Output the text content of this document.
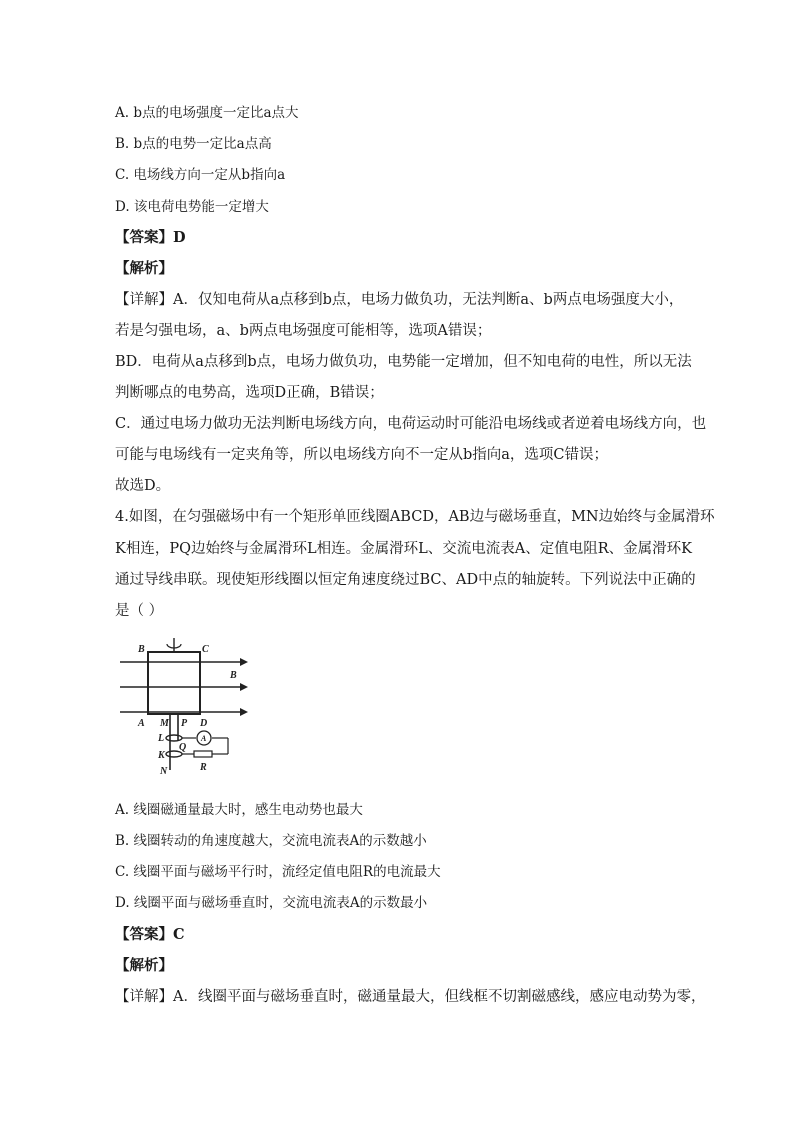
A. b点的电场强度一定比a点大
B. b点的电势一定比a点高
C. 电场线方向一定从b指向a
D. 该电荷电势能一定增大
【答案】D
【解析】
【详解】A．仅知电荷从a点移到b点，电场力做负功，无法判断a、b两点电场强度大小，
若是匀强电场，a、b两点电场强度可能相等，选项A错误；
BD．电荷从a点移到b点，电场力做负功，电势能一定增加，但不知电荷的电性，所以无法
判断哪点的电势高，选项D正确，B错误；
C．通过电场力做功无法判断电场线方向，电荷运动时可能沿电场线或者逆着电场线方向，也
可能与电场线有一定夹角等，所以电场线方向不一定从b指向a，选项C错误；
故选D。
4.如图，在匀强磁场中有一个矩形单匝线圈ABCD，AB边与磁场垂直，MN边始终与金属滑环
K相连，PQ边始终与金属滑环L相连。金属滑环L、交流电流表A、定值电阻R、金属滑环K
通过导线串联。现使矩形线圈以恒定角速度绕过BC、AD中点的轴旋转。下列说法中正确的
是（ ）
B	C
B
A	D
M P
L
Q
K
N	R
A
A. 线圈磁通量最大时，感生电动势也最大
B. 线圈转动的角速度越大，交流电流表A的示数越小
C. 线圈平面与磁场平行时，流经定值电阻R的电流最大
D. 线圈平面与磁场垂直时，交流电流表A的示数最小
【答案】C
【解析】
【详解】A．线圈平面与磁场垂直时，磁通量最大，但线框不切割磁感线，感应电动势为零，
